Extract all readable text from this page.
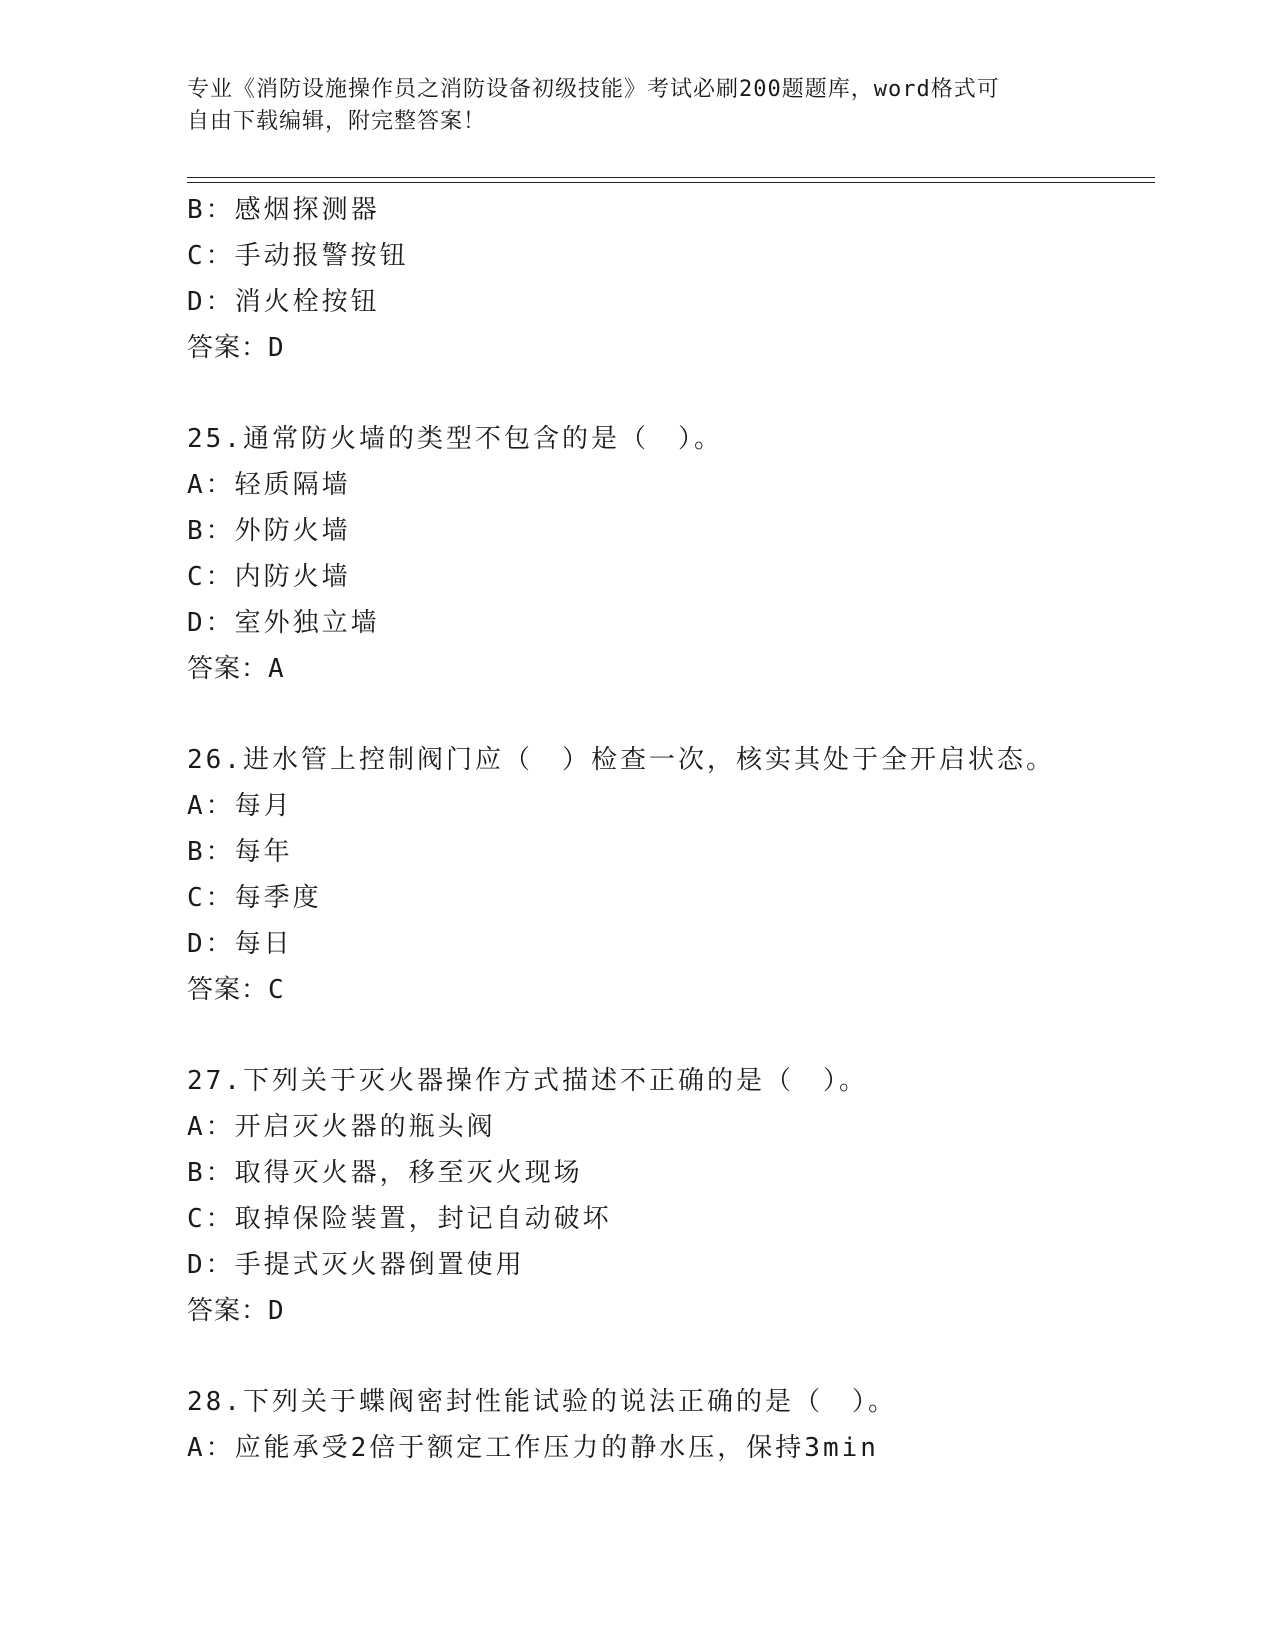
专业《消防设施操作员之消防设备初级技能》考试必刷200题题库，word格式可
自由下载编辑，附完整答案！
B：感烟探测器
C：手动报警按钮
D：消火栓按钮
答案：D
25.通常防火墙的类型不包含的是（　）。
A：轻质隔墙
B：外防火墙
C：内防火墙
D：室外独立墙
答案：A
26.进水管上控制阀门应（　）检查一次，核实其处于全开启状态。
A：每月
B：每年
C：每季度
D：每日
答案：C
27.下列关于灭火器操作方式描述不正确的是（　）。
A：开启灭火器的瓶头阀
B：取得灭火器，移至灭火现场
C：取掉保险装置，封记自动破坏
D：手提式灭火器倒置使用
答案：D
28.下列关于蝶阀密封性能试验的说法正确的是（　）。
A：应能承受2倍于额定工作压力的静水压，保持3min
